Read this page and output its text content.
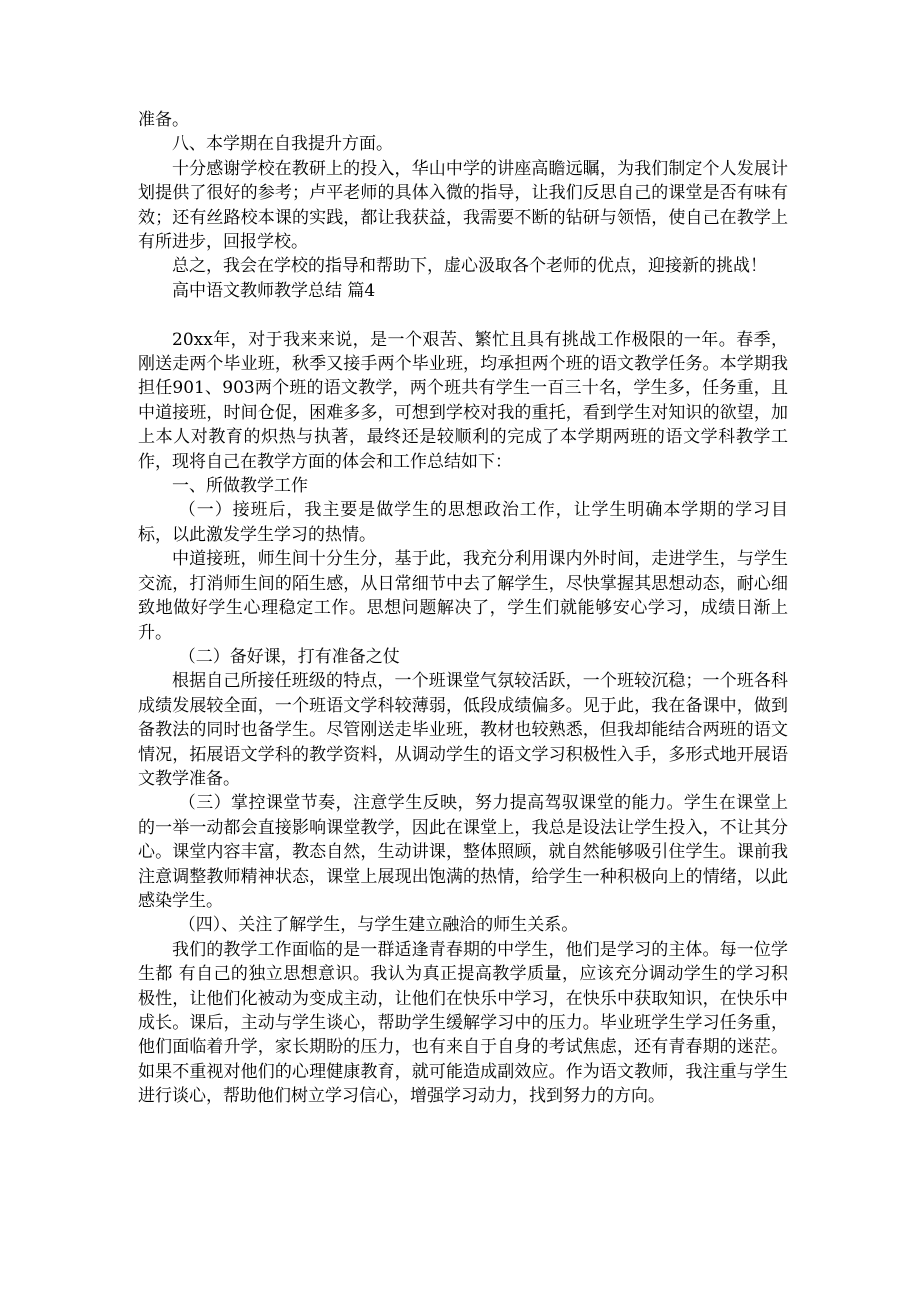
准备。

八、本学期在自我提升方面。

十分感谢学校在教研上的投入，华山中学的讲座高瞻远瞩，为我们制定个人发展计划提供了很好的参考；卢平老师的具体入微的指导，让我们反思自己的课堂是否有味有效；还有丝路校本课的实践，都让我获益，我需要不断的钻研与领悟，使自己在教学上有所进步，回报学校。

总之，我会在学校的指导和帮助下，虚心汲取各个老师的优点，迎接新的挑战！

高中语文教师教学总结 篇4

20xx年，对于我来来说，是一个艰苦、繁忙且具有挑战工作极限的一年。春季，刚送走两个毕业班，秋季又接手两个毕业班，均承担两个班的语文教学任务。本学期我担任901、903两个班的语文教学，两个班共有学生一百三十名，学生多，任务重，且中道接班，时间仓促，困难多多，可想到学校对我的重托，看到学生对知识的欲望，加上本人对教育的炽热与执著，最终还是较顺利的完成了本学期两班的语文学科教学工作，现将自己在教学方面的体会和工作总结如下：

一、所做教学工作

（一）接班后，我主要是做学生的思想政治工作，让学生明确本学期的学习目标，以此激发学生学习的热情。

中道接班，师生间十分生分，基于此，我充分利用课内外时间，走进学生，与学生交流，打消师生间的陌生感，从日常细节中去了解学生，尽快掌握其思想动态，耐心细致地做好学生心理稳定工作。思想问题解决了，学生们就能够安心学习，成绩日渐上升。

（二）备好课，打有准备之仗

根据自己所接任班级的特点，一个班课堂气氛较活跃，一个班较沉稳；一个班各科成绩发展较全面，一个班语文学科较薄弱，低段成绩偏多。见于此，我在备课中，做到备教法的同时也备学生。尽管刚送走毕业班，教材也较熟悉，但我却能结合两班的语文情况，拓展语文学科的教学资料，从调动学生的语文学习积极性入手，多形式地开展语文教学准备。

（三）掌控课堂节奏，注意学生反映，努力提高驾驭课堂的能力。学生在课堂上的一举一动都会直接影响课堂教学，因此在课堂上，我总是设法让学生投入，不让其分心。课堂内容丰富，教态自然，生动讲课，整体照顾，就自然能够吸引住学生。课前我注意调整教师精神状态，课堂上展现出饱满的热情，给学生一种积极向上的情绪，以此感染学生。

（四）、关注了解学生，与学生建立融洽的师生关系。

我们的教学工作面临的是一群适逢青春期的中学生，他们是学习的主体。每一位学生都 有自己的独立思想意识。我认为真正提高教学质量，应该充分调动学生的学习积极性，让他们化被动为变成主动，让他们在快乐中学习，在快乐中获取知识，在快乐中成长。课后，主动与学生谈心，帮助学生缓解学习中的压力。毕业班学生学习任务重，他们面临着升学，家长期盼的压力，也有来自于自身的考试焦虑，还有青春期的迷茫。如果不重视对他们的心理健康教育，就可能造成副效应。作为语文教师，我注重与学生进行谈心，帮助他们树立学习信心，增强学习动力，找到努力的方向。
